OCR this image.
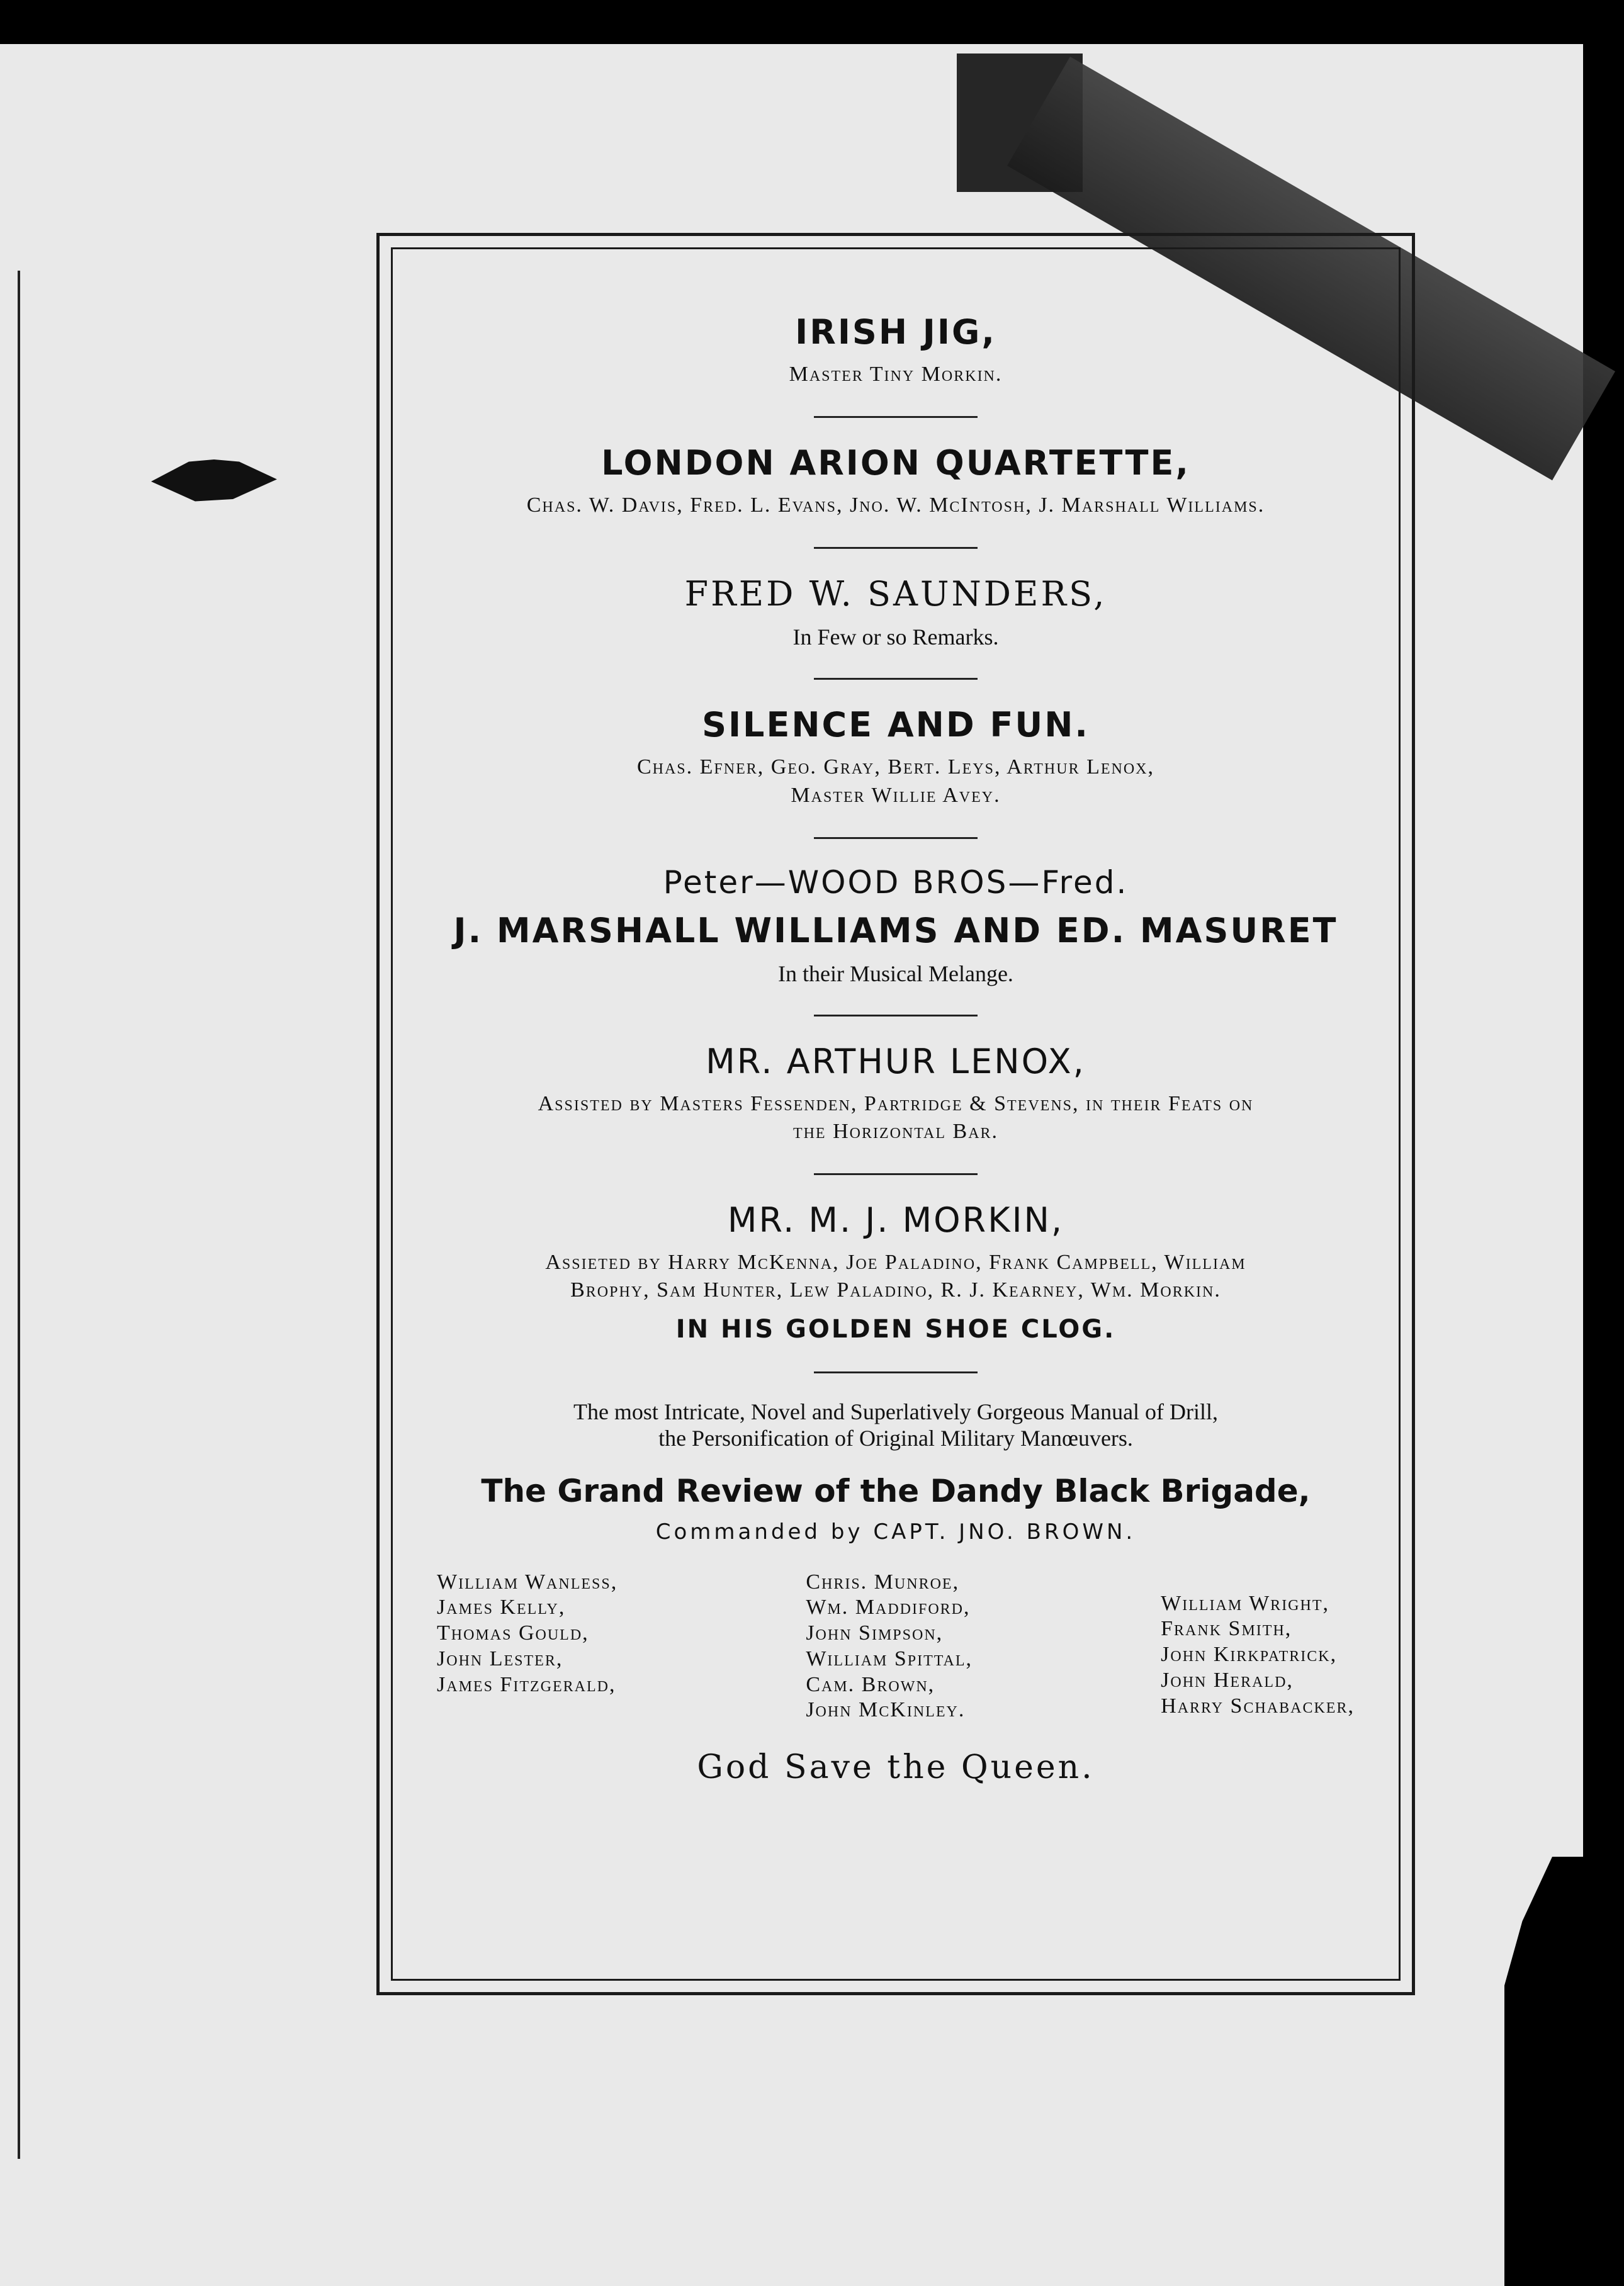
IRISH JIG,

Master Tiny Morkin.

LONDON ARION QUARTETTE,

Chas. W. Davis, Fred. L. Evans, Jno. W. McIntosh, J. Marshall Williams.

FRED W. SAUNDERS,

In Few or so Remarks.

SILENCE AND FUN.

Chas. Efner, Geo. Gray, Bert. Leys, Arthur Lenox,

Master Willie Avey.

Peter—WOOD BROS—Fred.

J. MARSHALL WILLIAMS AND ED. MASURET

In their Musical Melange.

MR. ARTHUR LENOX,

Assisted by Masters Fessenden, Partridge & Stevens, in their Feats on

the Horizontal Bar.

MR. M. J. MORKIN,

Assieted by Harry McKenna, Joe Paladino, Frank Campbell, William

Brophy, Sam Hunter, Lew Paladino, R. J. Kearney, Wm. Morkin.

IN HIS GOLDEN SHOE CLOG.

The most Intricate, Novel and Superlatively Gorgeous Manual of Drill,

the Personification of Original Military Manœuvers.

The Grand Review of the Dandy Black Brigade,

Commanded by CAPT. JNO. BROWN.

William Wanless,
James Kelly,
Thomas Gould,
John Lester,
James Fitzgerald,
Chris. Munroe,
Wm. Maddiford,
John Simpson,
William Spittal,
Cam. Brown,
John McKinley.
William Wright,
Frank Smith,
John Kirkpatrick,
John Herald,
Harry Schabacker,

God Save the Queen.
